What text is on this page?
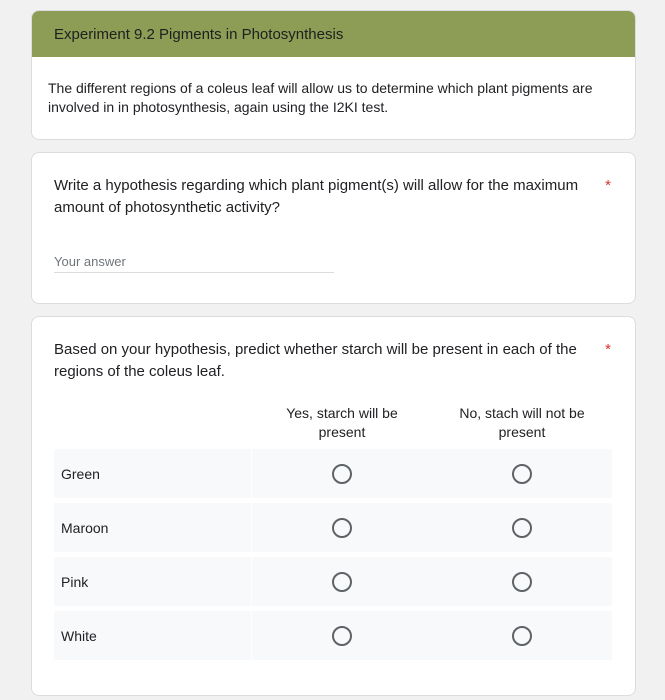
Experiment 9.2 Pigments in Photosynthesis
The different regions of a coleus leaf will allow us to determine which plant pigments are involved in in photosynthesis, again using the I2KI test.
Write a hypothesis regarding which plant pigment(s) will allow for the maximum amount of photosynthetic activity?
*
Your answer
Based on your hypothesis, predict whether starch will be present in each of the regions of the coleus leaf.
*
Yes, starch will be present
No, stach will not be present
Green
Maroon
Pink
White
